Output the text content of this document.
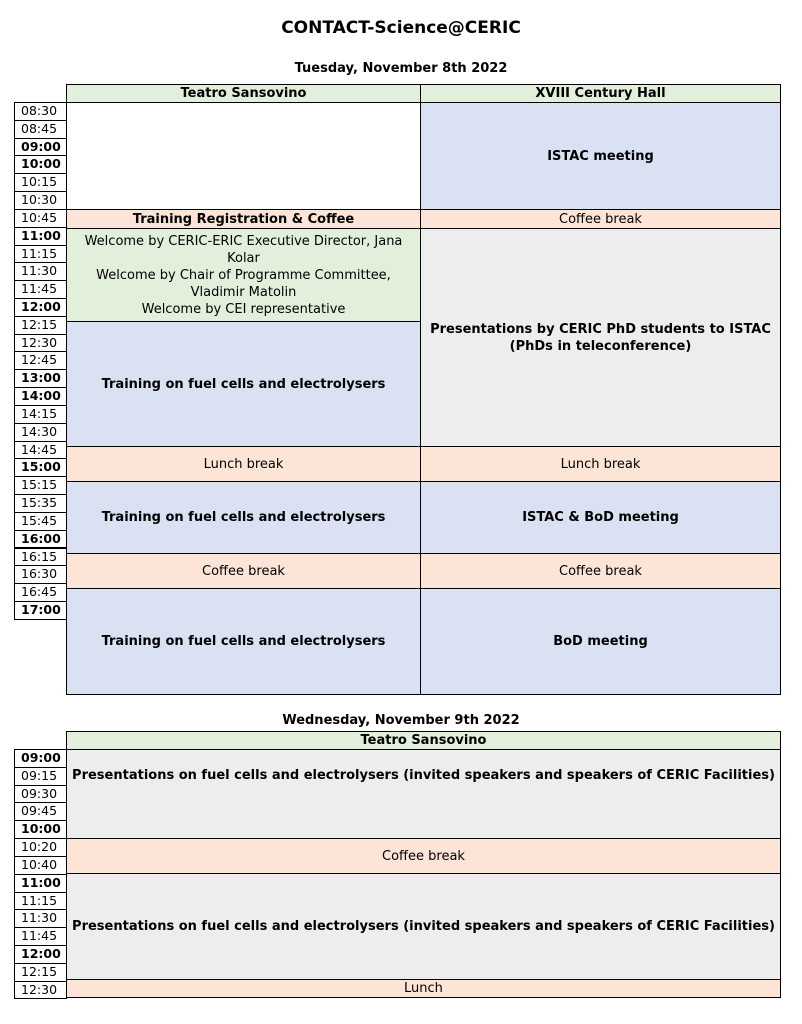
CONTACT-Science@CERIC
Tuesday, November 8th 2022
Teatro Sansovino	XVIII Century Hall
08:30
08:45
09:00
10:00
10:15
10:30
10:45
11:00
11:15
11:30
11:45
12:00
12:15
12:30
12:45
13:00
14:00
14:15
14:30
14:45
15:00
15:15
15:35
15:45
16:00
16:15
16:30
16:45
17:00
Training Registration & Coffee
Welcome by CERIC-ERIC Executive Director, Jana Kolar
Welcome by Chair of Programme Committee, Vladimir Matolin
Welcome by CEI representative
Training on fuel cells and electrolysers
Lunch break
Training on fuel cells and electrolysers
Coffee break
Training on fuel cells and electrolysers
ISTAC meeting
Coffee break
Presentations by CERIC PhD students to ISTAC
(PhDs in teleconference)
Lunch break
ISTAC & BoD meeting
Coffee break
BoD meeting
Wednesday, November 9th 2022
Teatro Sansovino
09:00
09:15
09:30
09:45
10:00
10:20
10:40
11:00
11:15
11:30
11:45
12:00
12:15
12:30
Presentations on fuel cells and electrolysers (invited speakers and speakers of CERIC Facilities)
Coffee break
Presentations on fuel cells and electrolysers (invited speakers and speakers of CERIC Facilities)
Lunch
